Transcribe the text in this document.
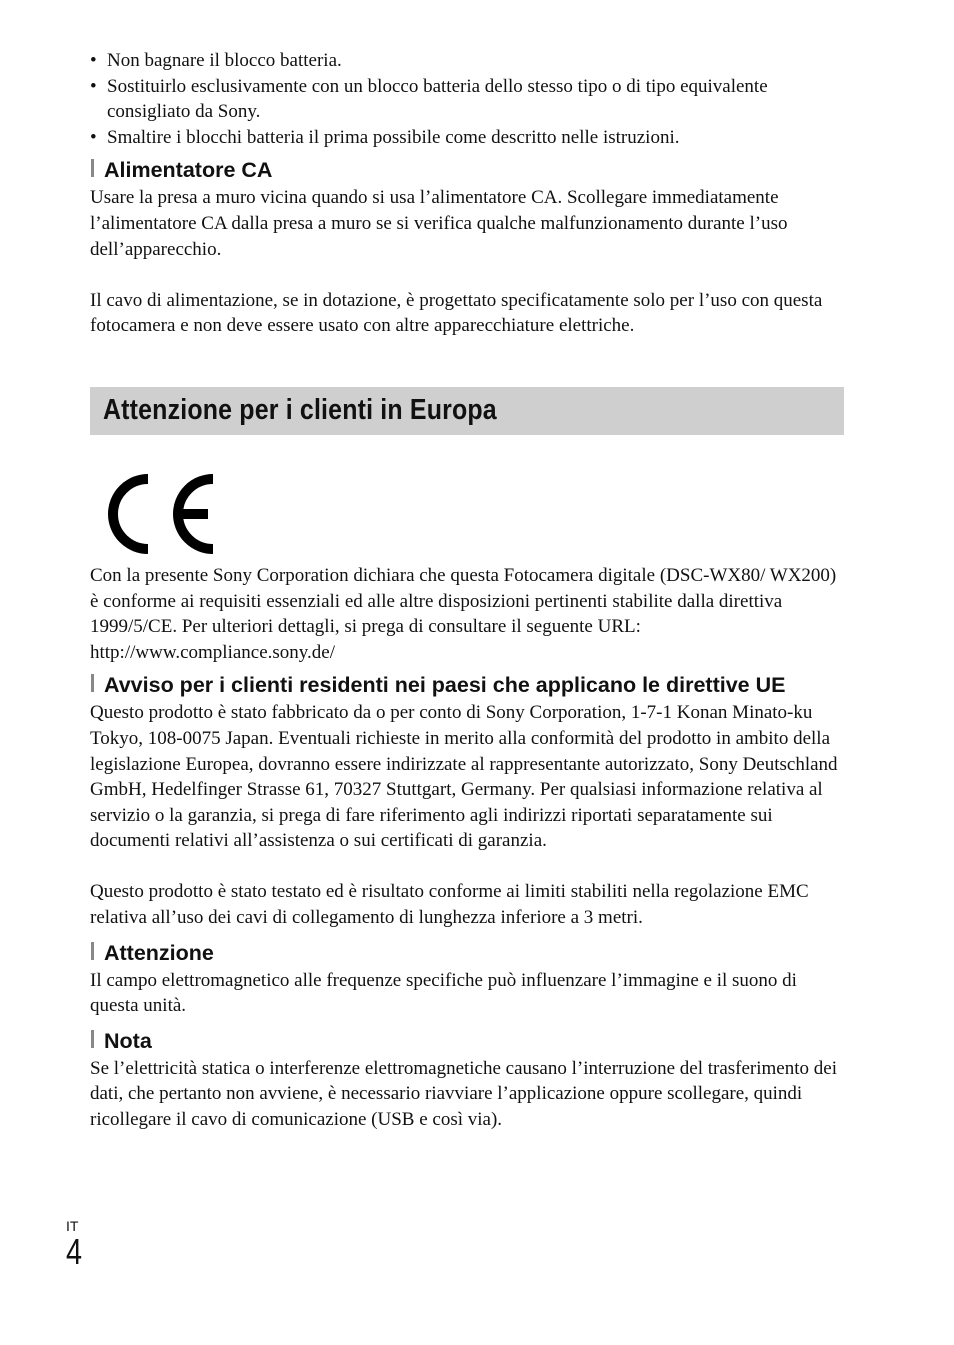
• Non bagnare il blocco batteria.
• Sostituirlo esclusivamente con un blocco batteria dello stesso tipo o di tipo equivalente consigliato da Sony.
• Smaltire i blocchi batteria il prima possibile come descritto nelle istruzioni.
Alimentatore CA

Usare la presa a muro vicina quando si usa l’alimentatore CA. Scollegare immediatamente l’alimentatore CA dalla presa a muro se si verifica qualche malfunzionamento durante l’uso dell’apparecchio.

Il cavo di alimentazione, se in dotazione, è progettato specificatamente solo per l’uso con questa fotocamera e non deve essere usato con altre apparecchiature elettriche.

Attenzione per i clienti in Europa

Con la presente Sony Corporation dichiara che questa Fotocamera digitale (DSC-WX80/ WX200) è conforme ai requisiti essenziali ed alle altre disposizioni pertinenti stabilite dalla direttiva 1999/5/CE. Per ulteriori dettagli, si prega di consultare il seguente URL: http://www.compliance.sony.de/

Avviso per i clienti residenti nei paesi che applicano le direttive UE

Questo prodotto è stato fabbricato da o per conto di Sony Corporation, 1-7-1 Konan Minato-ku Tokyo, 108-0075 Japan. Eventuali richieste in merito alla conformità del prodotto in ambito della legislazione Europea, dovranno essere indirizzate al rappresentante autorizzato, Sony Deutschland GmbH, Hedelfinger Strasse 61, 70327 Stuttgart, Germany. Per qualsiasi informazione relativa al servizio o la garanzia, si prega di fare riferimento agli indirizzi riportati separatamente sui documenti relativi all’assistenza o sui certificati di garanzia.

Questo prodotto è stato testato ed è risultato conforme ai limiti stabiliti nella regolazione EMC relativa all’uso dei cavi di collegamento di lunghezza inferiore a 3 metri.

Attenzione

Il campo elettromagnetico alle frequenze specifiche può influenzare l’immagine e il suono di questa unità.

Nota

Se l’elettricità statica o interferenze elettromagnetiche causano l’interruzione del trasferimento dei dati, che pertanto non avviene, è necessario riavviare l’applicazione oppure scollegare, quindi ricollegare il cavo di comunicazione (USB e così via).

IT
4
